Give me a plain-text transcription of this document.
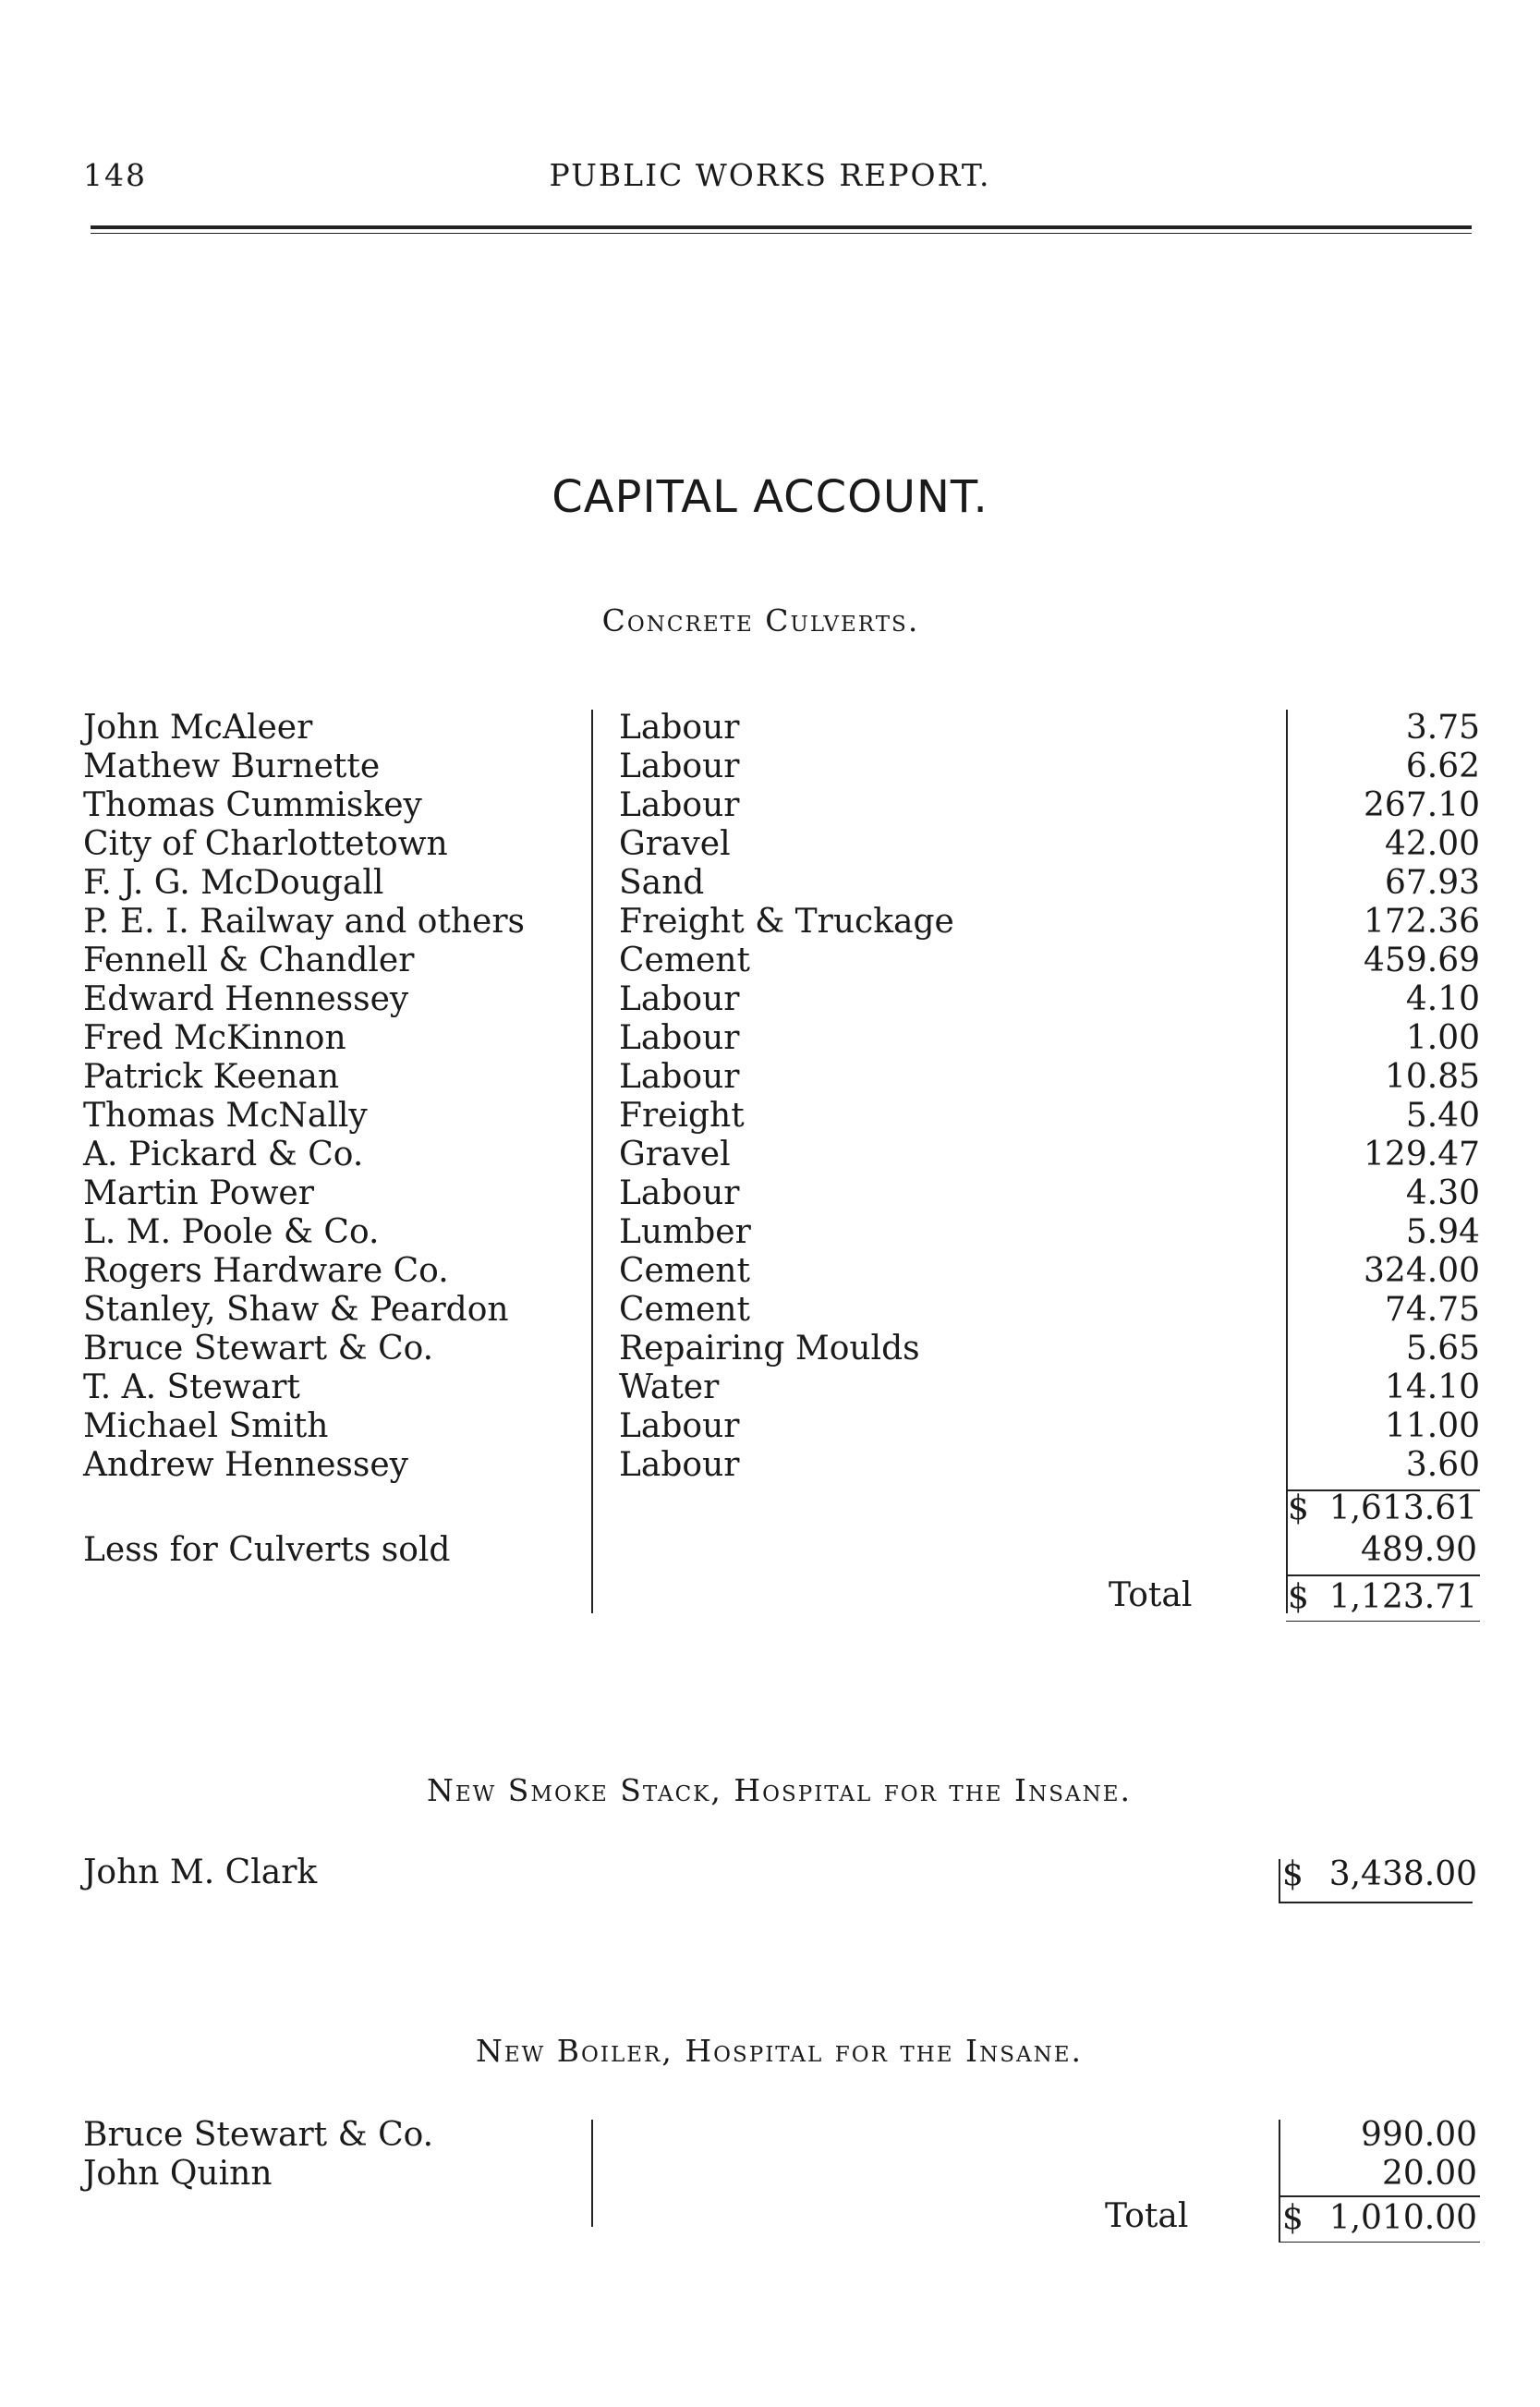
148	PUBLIC WORKS REPORT.
CAPITAL ACCOUNT.
Concrete Culverts.
John McAleer	Labour	3.75
Mathew Burnette	Labour	6.62
Thomas Cummiskey	Labour	267.10
City of Charlottetown	Gravel	42.00
F. J. G. McDougall	Sand	67.93
P. E. I. Railway and others	Freight & Truckage	172.36
Fennell & Chandler	Cement	459.69
Edward Hennessey	Labour	4.10
Fred McKinnon	Labour	1.00
Patrick Keenan	Labour	10.85
Thomas McNally	Freight	5.40
A. Pickard & Co.	Gravel	129.47
Martin Power	Labour	4.30
L. M. Poole & Co.	Lumber	5.94
Rogers Hardware Co.	Cement	324.00
Stanley, Shaw & Peardon	Cement	74.75
Bruce Stewart & Co.	Repairing Moulds	5.65
T. A. Stewart	Water	14.10
Michael Smith	Labour	11.00
Andrew Hennessey	Labour	3.60
$ 1,613.61
Less for Culverts sold	489.90
Total	$ 1,123.71
New Smoke Stack, Hospital for the Insane.
John M. Clark	$ 3,438.00
New Boiler, Hospital for the Insane.
Bruce Stewart & Co.	990.00
John Quinn	20.00
Total	$ 1,010.00
